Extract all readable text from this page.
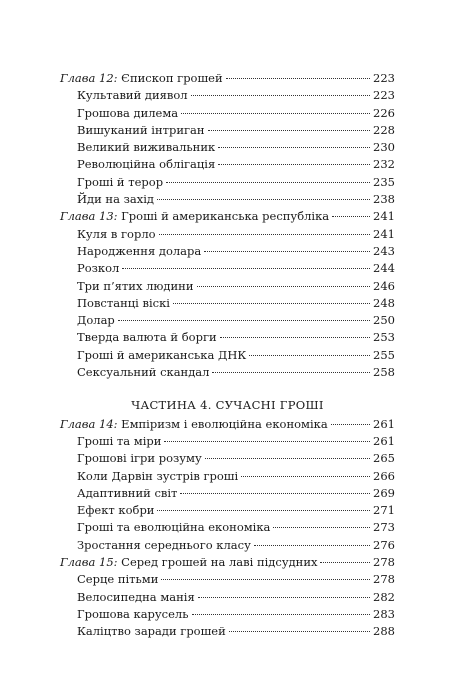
Глава 12: Єпископ грошей	223
Культавий диявол	223
Грошова дилема	226
Вишуканий інтриган	228
Великий виживальник	230
Революційна облігація	232
Гроші й терор	235
Йди на захід	238
Глава 13: Гроші й американська республіка	241
Куля в горло	241
Народження долара	243
Розкол	244
Три п’ятих людини	246
Повстанці віскі	248
Долар	250
Тверда валюта й борги	253
Гроші й американська ДНК	255
Сексуальний скандал	258
ЧАСТИНА 4. СУЧАСНІ ГРОШІ
Глава 14: Емпіризм і еволюційна економіка	261
Гроші та міри	261
Грошові ігри розуму	265
Коли Дарвін зустрів гроші	266
Адаптивний світ	269
Ефект кобри	271
Гроші та еволюційна економіка	273
Зростання середнього класу	276
Глава 15: Серед грошей на лаві підсудних	278
Серце пітьми	278
Велосипедна манія	282
Грошова карусель	283
Каліцтво заради грошей	288
